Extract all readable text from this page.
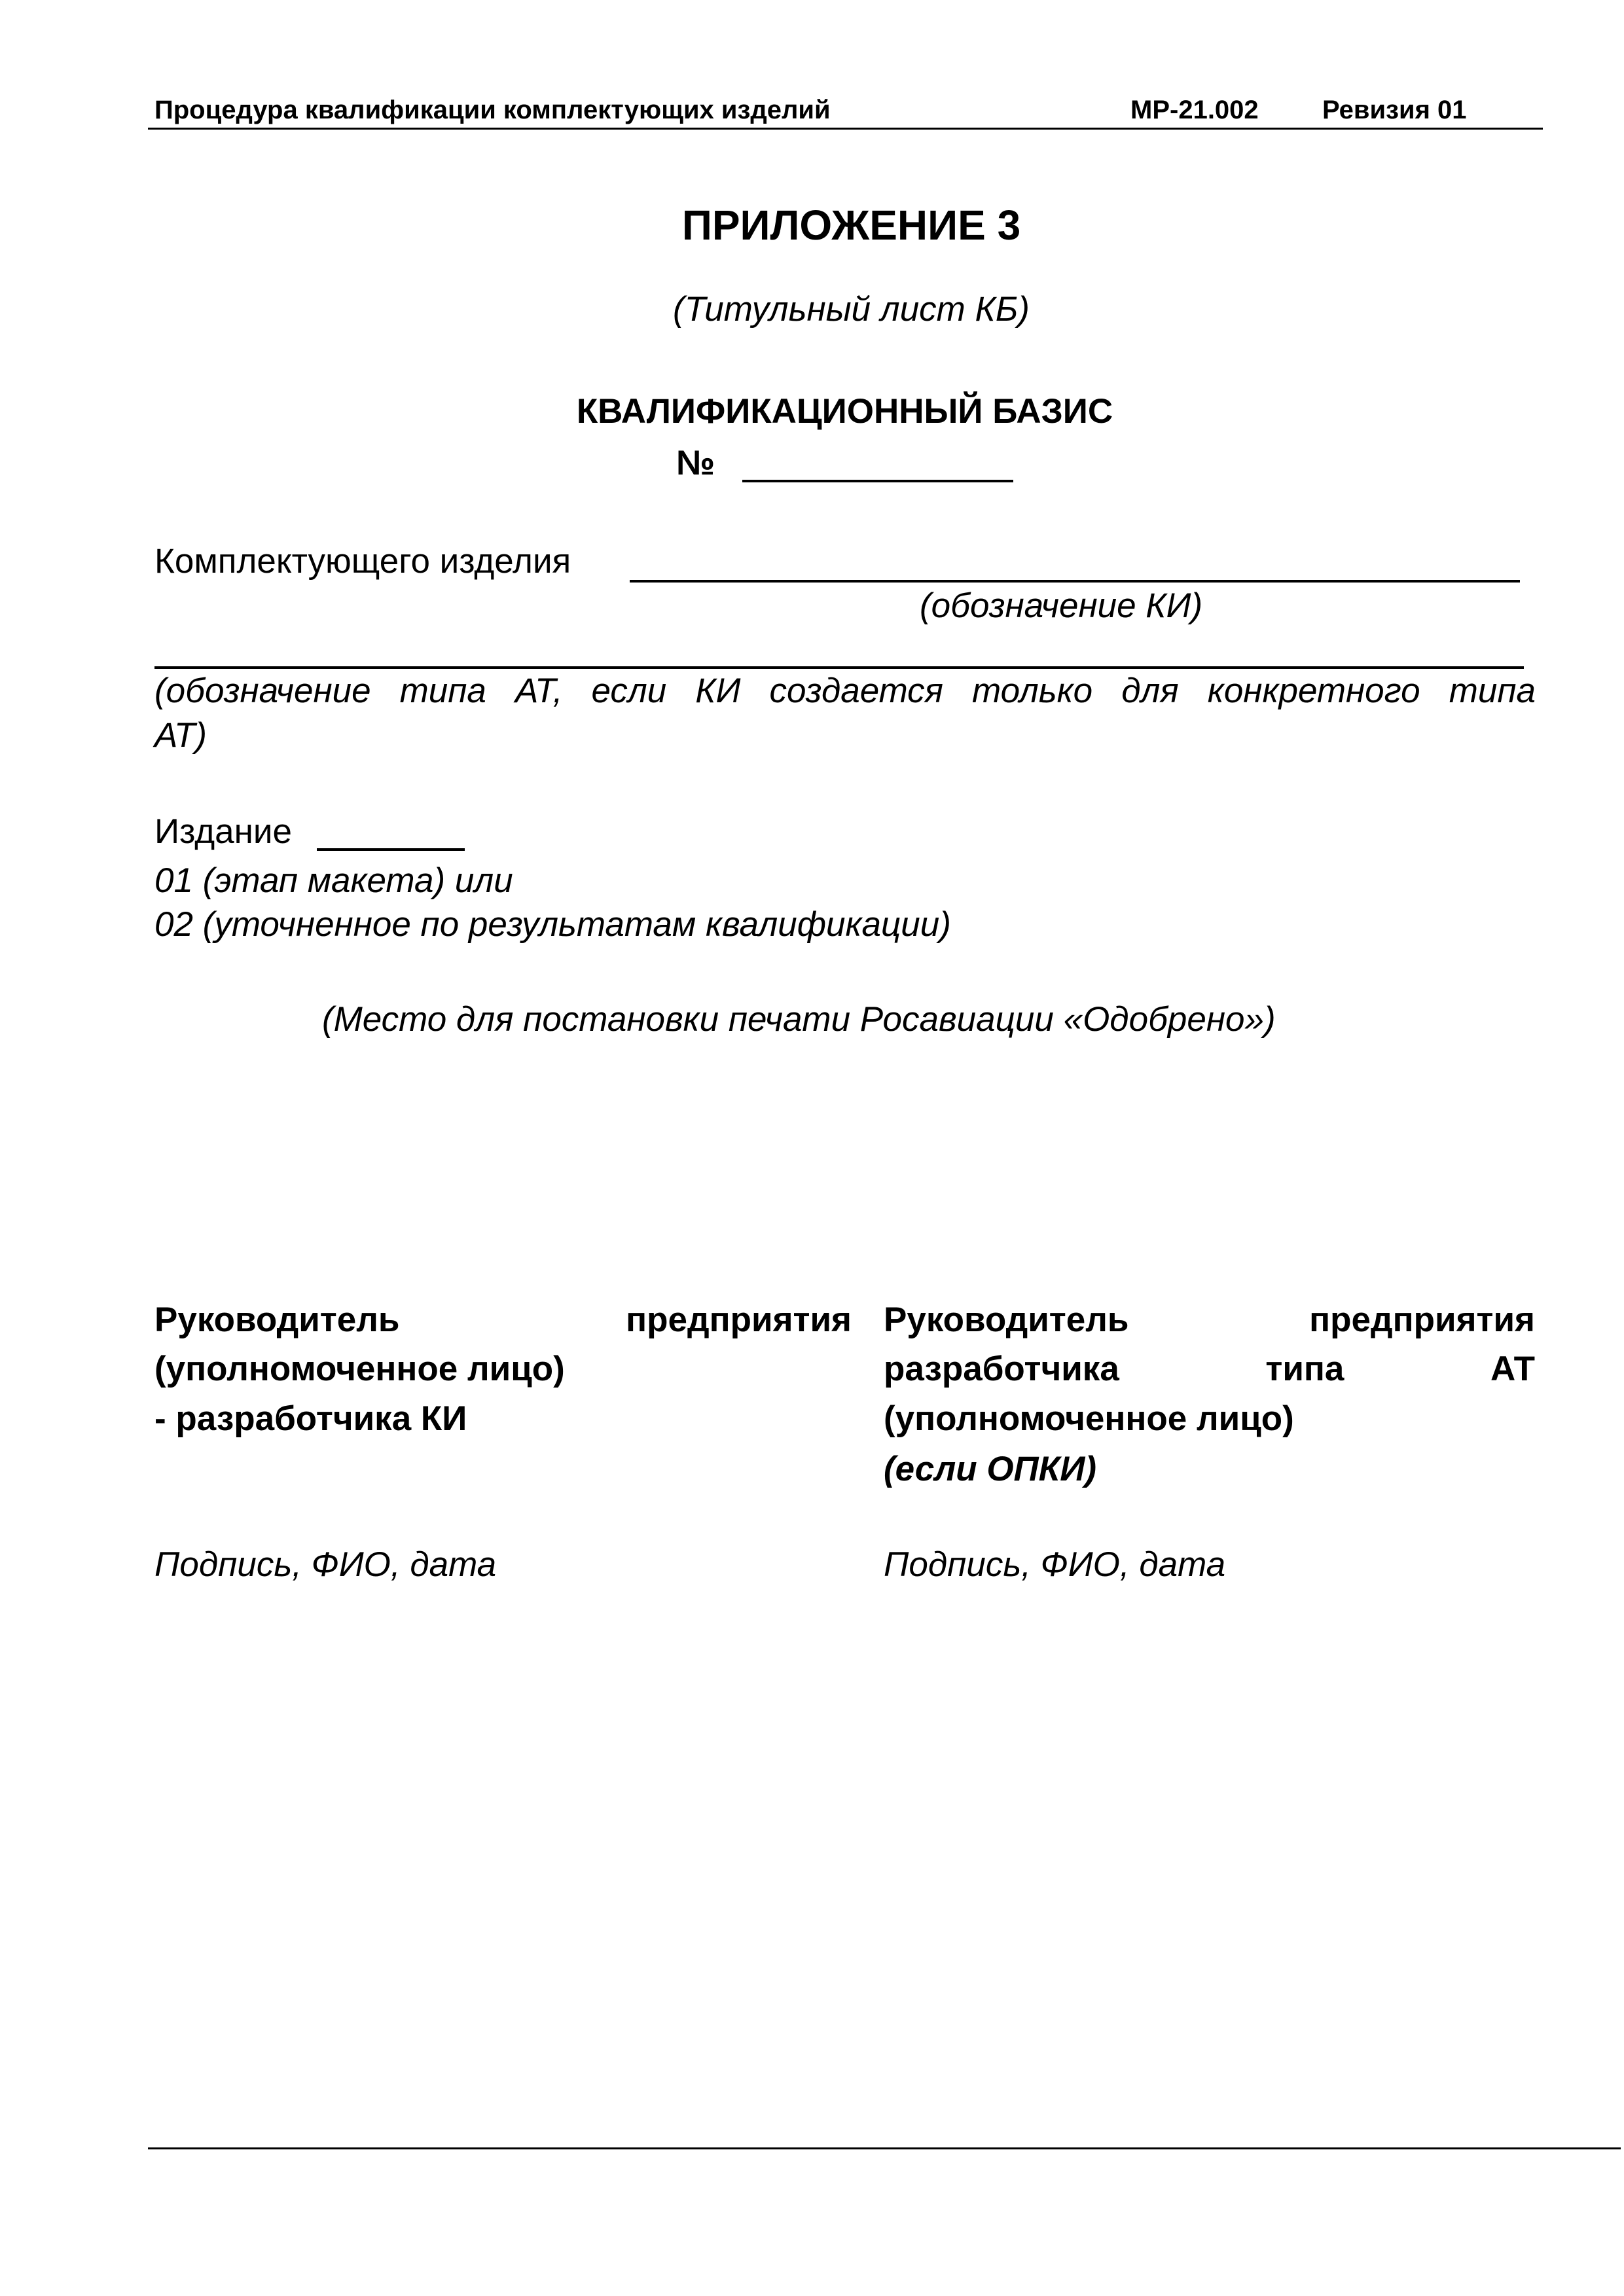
Процедура квалификации комплектующих изделий	МР-21.002 Ревизия 01
ПРИЛОЖЕНИЕ 3
(Титульный лист КБ)
КВАЛИФИКАЦИОННЫЙ БАЗИС
№
Комплектующего изделия
(обозначение КИ)
(обозначение типа АТ, если КИ создается только для конкретного типа
АТ)
Издание
01 (этап макета) или
02 (уточненное по результатам квалификации)
(Место для постановки печати Росавиации «Одобрено»)
Руководитель	предприятия
(уполномоченное лицо)
- разработчика КИ
Подпись, ФИО, дата
Руководитель	предприятия
разработчика	типа	АТ
(уполномоченное лицо)
(если ОПКИ)
Подпись, ФИО, дата
